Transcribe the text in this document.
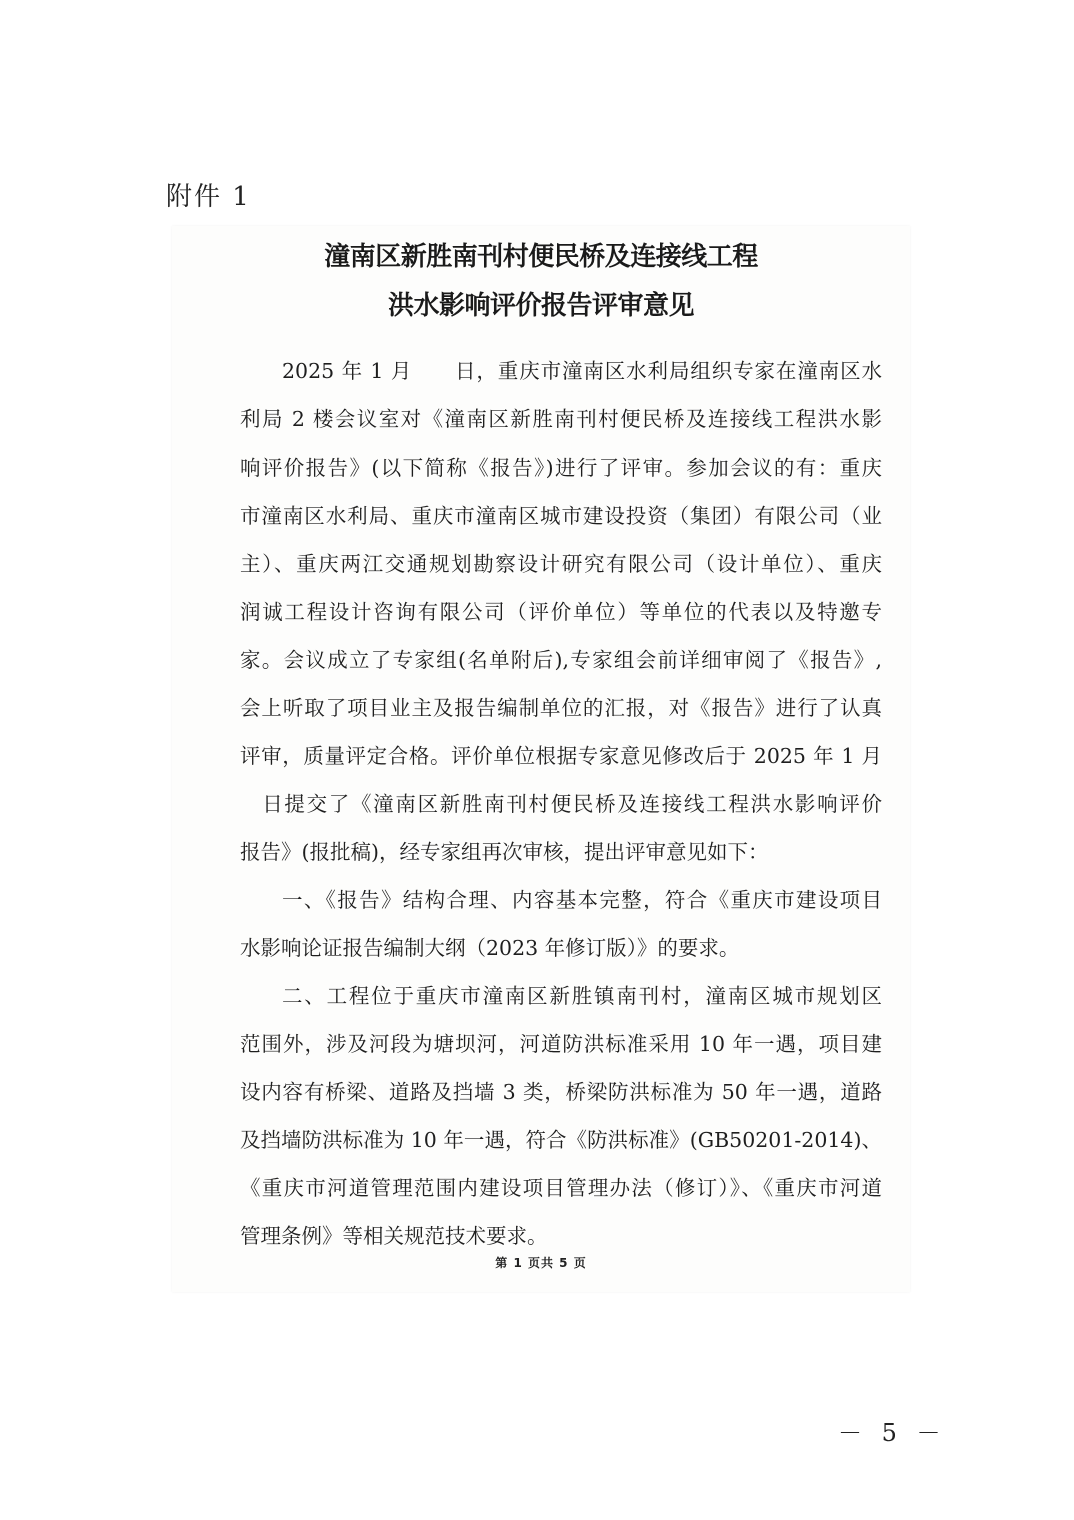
附件 1
潼南区新胜南刊村便民桥及连接线工程
洪水影响评价报告评审意见
2025 年 1 月　　日，重庆市潼南区水利局组织专家在潼南区水
利局 2 楼会议室对《潼南区新胜南刊村便民桥及连接线工程洪水影
响评价报告》(以下简称《报告》)进行了评审。参加会议的有：重庆
市潼南区水利局、重庆市潼南区城市建设投资（集团）有限公司（业
主）、重庆两江交通规划勘察设计研究有限公司（设计单位）、重庆
润诚工程设计咨询有限公司（评价单位）等单位的代表以及特邀专
家。会议成立了专家组(名单附后),专家组会前详细审阅了《报告》,
会上听取了项目业主及报告编制单位的汇报，对《报告》进行了认真
评审，质量评定合格。评价单位根据专家意见修改后于 2025 年 1 月
　日提交了《潼南区新胜南刊村便民桥及连接线工程洪水影响评价
报告》(报批稿)，经专家组再次审核，提出评审意见如下：
一、《报告》结构合理、内容基本完整，符合《重庆市建设项目
水影响论证报告编制大纲（2023 年修订版）》的要求。
二、工程位于重庆市潼南区新胜镇南刊村，潼南区城市规划区
范围外，涉及河段为塘坝河，河道防洪标准采用 10 年一遇，项目建
设内容有桥梁、道路及挡墙 3 类，桥梁防洪标准为 50 年一遇，道路
及挡墙防洪标准为 10 年一遇，符合《防洪标准》(GB50201-2014)、
《重庆市河道管理范围内建设项目管理办法（修订）》、《重庆市河道
管理条例》等相关规范技术要求。
第 1 页共 5 页
－ 5 －
